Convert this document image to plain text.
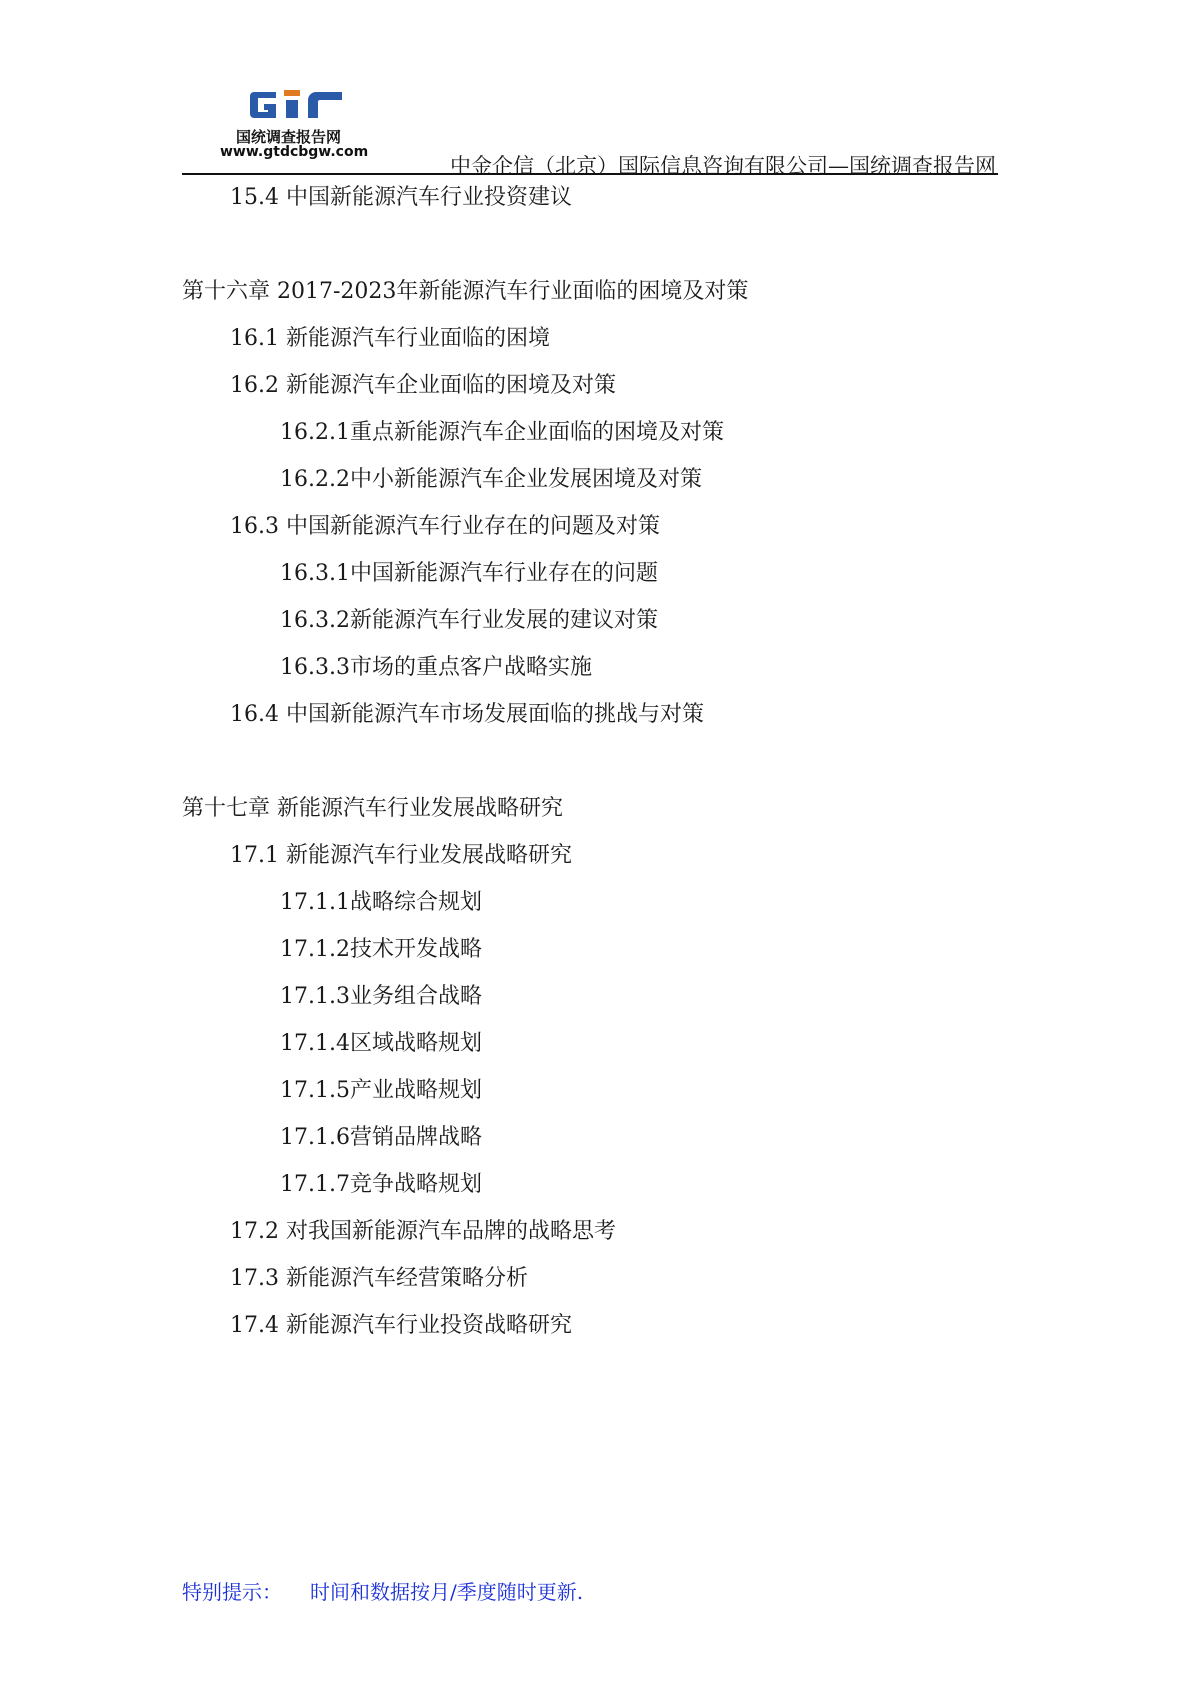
国统调查报告网
www.gtdcbgw.com
中金企信（北京）国际信息咨询有限公司—国统调查报告网
15.4 中国新能源汽车行业投资建议
第十六章 2017-2023年新能源汽车行业面临的困境及对策
16.1 新能源汽车行业面临的困境
16.2 新能源汽车企业面临的困境及对策
16.2.1重点新能源汽车企业面临的困境及对策
16.2.2中小新能源汽车企业发展困境及对策
16.3 中国新能源汽车行业存在的问题及对策
16.3.1中国新能源汽车行业存在的问题
16.3.2新能源汽车行业发展的建议对策
16.3.3市场的重点客户战略实施
16.4 中国新能源汽车市场发展面临的挑战与对策
第十七章 新能源汽车行业发展战略研究
17.1 新能源汽车行业发展战略研究
17.1.1战略综合规划
17.1.2技术开发战略
17.1.3业务组合战略
17.1.4区域战略规划
17.1.5产业战略规划
17.1.6营销品牌战略
17.1.7竞争战略规划
17.2 对我国新能源汽车品牌的战略思考
17.3 新能源汽车经营策略分析
17.4 新能源汽车行业投资战略研究
特别提示： 时间和数据按月/季度随时更新.
